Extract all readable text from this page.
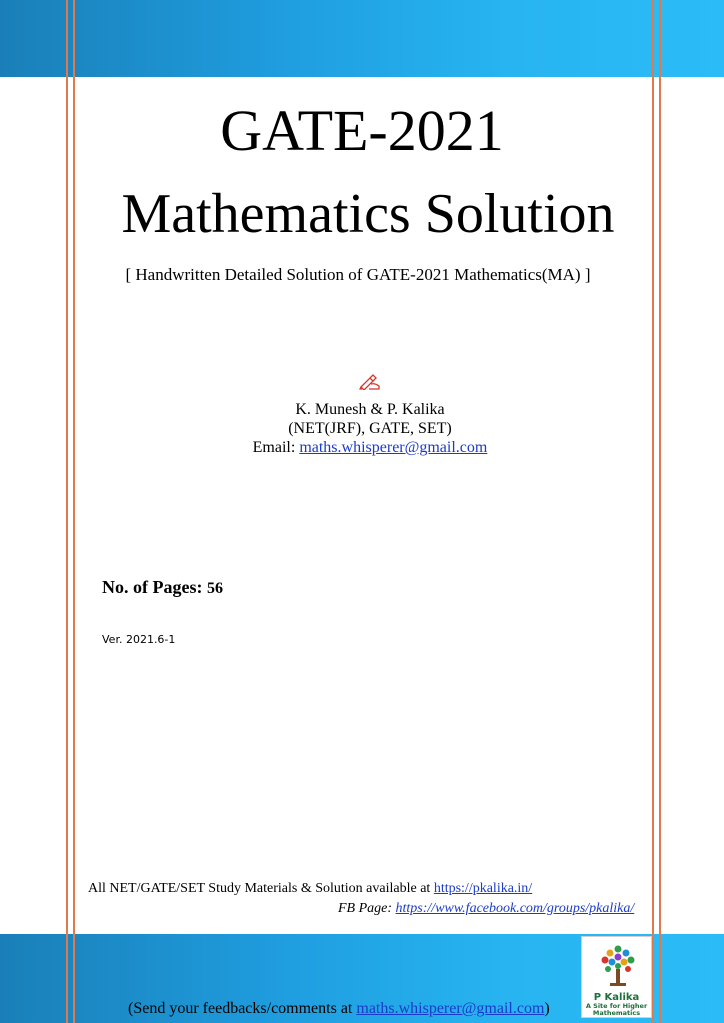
GATE-2021
Mathematics Solution
[ Handwritten Detailed Solution of GATE-2021 Mathematics(MA) ]
K. Munesh & P. Kalika
(NET(JRF), GATE, SET)
Email: maths.whisperer@gmail.com
No. of Pages: 56
Ver. 2021.6-1
All NET/GATE/SET Study Materials & Solution available at https://pkalika.in/
FB Page: https://www.facebook.com/groups/pkalika/
(Send your feedbacks/comments at maths.whisperer@gmail.com)
P Kalika
A Site for Higher
Mathematics
